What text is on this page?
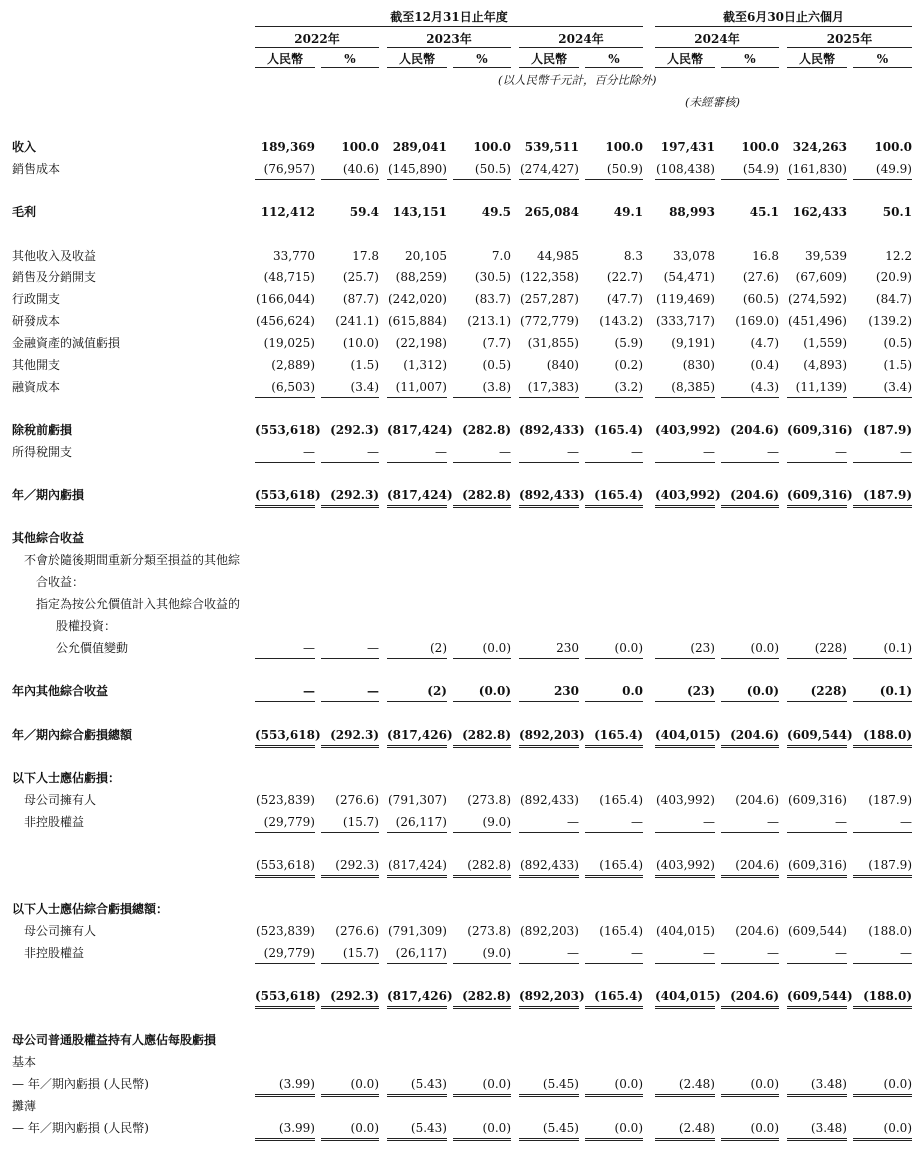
截至12月31日止年度	截至6月30日止六個月
2022年	2023年	2024年	2024年	2025年
人民幣	%	人民幣	%	人民幣	%	人民幣	%	人民幣	%
(以人民幣千元計，百分比除外)
(未經審核)
收入	189,369	100.0	289,041	100.0	539,511	100.0	197,431	100.0	324,263	100.0
銷售成本	(76,957)	(40.6) (145,890)	(50.5) (274,427)	(50.9) (108,438)	(54.9) (161,830)	(49.9)
毛利	112,412	59.4	143,151	49.5	265,084	49.1	88,993	45.1	162,433	50.1
其他收入及收益	33,770	17.8	20,105	7.0	44,985	8.3	33,078	16.8	39,539	12.2
銷售及分銷開支	(48,715)	(25.7)	(88,259)	(30.5) (122,358)	(22.7)	(54,471)	(27.6)	(67,609)	(20.9)
行政開支	(166,044)	(87.7) (242,020)	(83.7) (257,287)	(47.7) (119,469)	(60.5) (274,592)	(84.7)
研發成本	(456,624)	(241.1) (615,884)	(213.1) (772,779)	(143.2) (333,717)	(169.0) (451,496)	(139.2)
金融資產的減值虧損	(19,025)	(10.0)	(22,198)	(7.7)	(31,855)	(5.9)	(9,191)	(4.7)	(1,559)	(0.5)
其他開支	(2,889)	(1.5)	(1,312)	(0.5)	(840)	(0.2)	(830)	(0.4)	(4,893)	(1.5)
融資成本	(6,503)	(3.4)	(11,007)	(3.8)	(17,383)	(3.2)	(8,385)	(4.3)	(11,139)	(3.4)
除稅前虧損	(553,618) (292.3) (817,424) (282.8) (892,433) (165.4) (403,992) (204.6) (609,316) (187.9)
所得稅開支	—	—	—	—	—	—	—	—	—	—
年／期內虧損	(553,618) (292.3) (817,424) (282.8) (892,433) (165.4) (403,992) (204.6) (609,316) (187.9)
其他綜合收益
不會於隨後期間重新分類至損益的其他綜
合收益：
指定為按公允價值計入其他綜合收益的
股權投資：
公允價值變動	—	—	(2)	(0.0)	230	(0.0)	(23)	(0.0)	(228)	(0.1)
年內其他綜合收益	—	—	(2)	(0.0)	230	0.0	(23)	(0.0)	(228)	(0.1)
年／期內綜合虧損總額	(553,618) (292.3) (817,426) (282.8) (892,203) (165.4) (404,015) (204.6) (609,544) (188.0)
以下人士應佔虧損：
母公司擁有人	(523,839)	(276.6) (791,307)	(273.8) (892,433)	(165.4) (403,992)	(204.6) (609,316)	(187.9)
非控股權益	(29,779)	(15.7)	(26,117)	(9.0)	—	—	—	—	—	—
(553,618)	(292.3) (817,424)	(282.8) (892,433)	(165.4) (403,992)	(204.6) (609,316)	(187.9)
以下人士應佔綜合虧損總額：
母公司擁有人	(523,839)	(276.6) (791,309)	(273.8) (892,203)	(165.4) (404,015)	(204.6) (609,544)	(188.0)
非控股權益	(29,779)	(15.7)	(26,117)	(9.0)	—	—	—	—	—	—
(553,618) (292.3) (817,426) (282.8) (892,203) (165.4) (404,015) (204.6) (609,544) (188.0)
母公司普通股權益持有人應佔每股虧損
基本
— 年／期內虧損 (人民幣)	(3.99)	(0.0)	(5.43)	(0.0)	(5.45)	(0.0)	(2.48)	(0.0)	(3.48)	(0.0)
攤薄
— 年／期內虧損 (人民幣)	(3.99)	(0.0)	(5.43)	(0.0)	(5.45)	(0.0)	(2.48)	(0.0)	(3.48)	(0.0)
